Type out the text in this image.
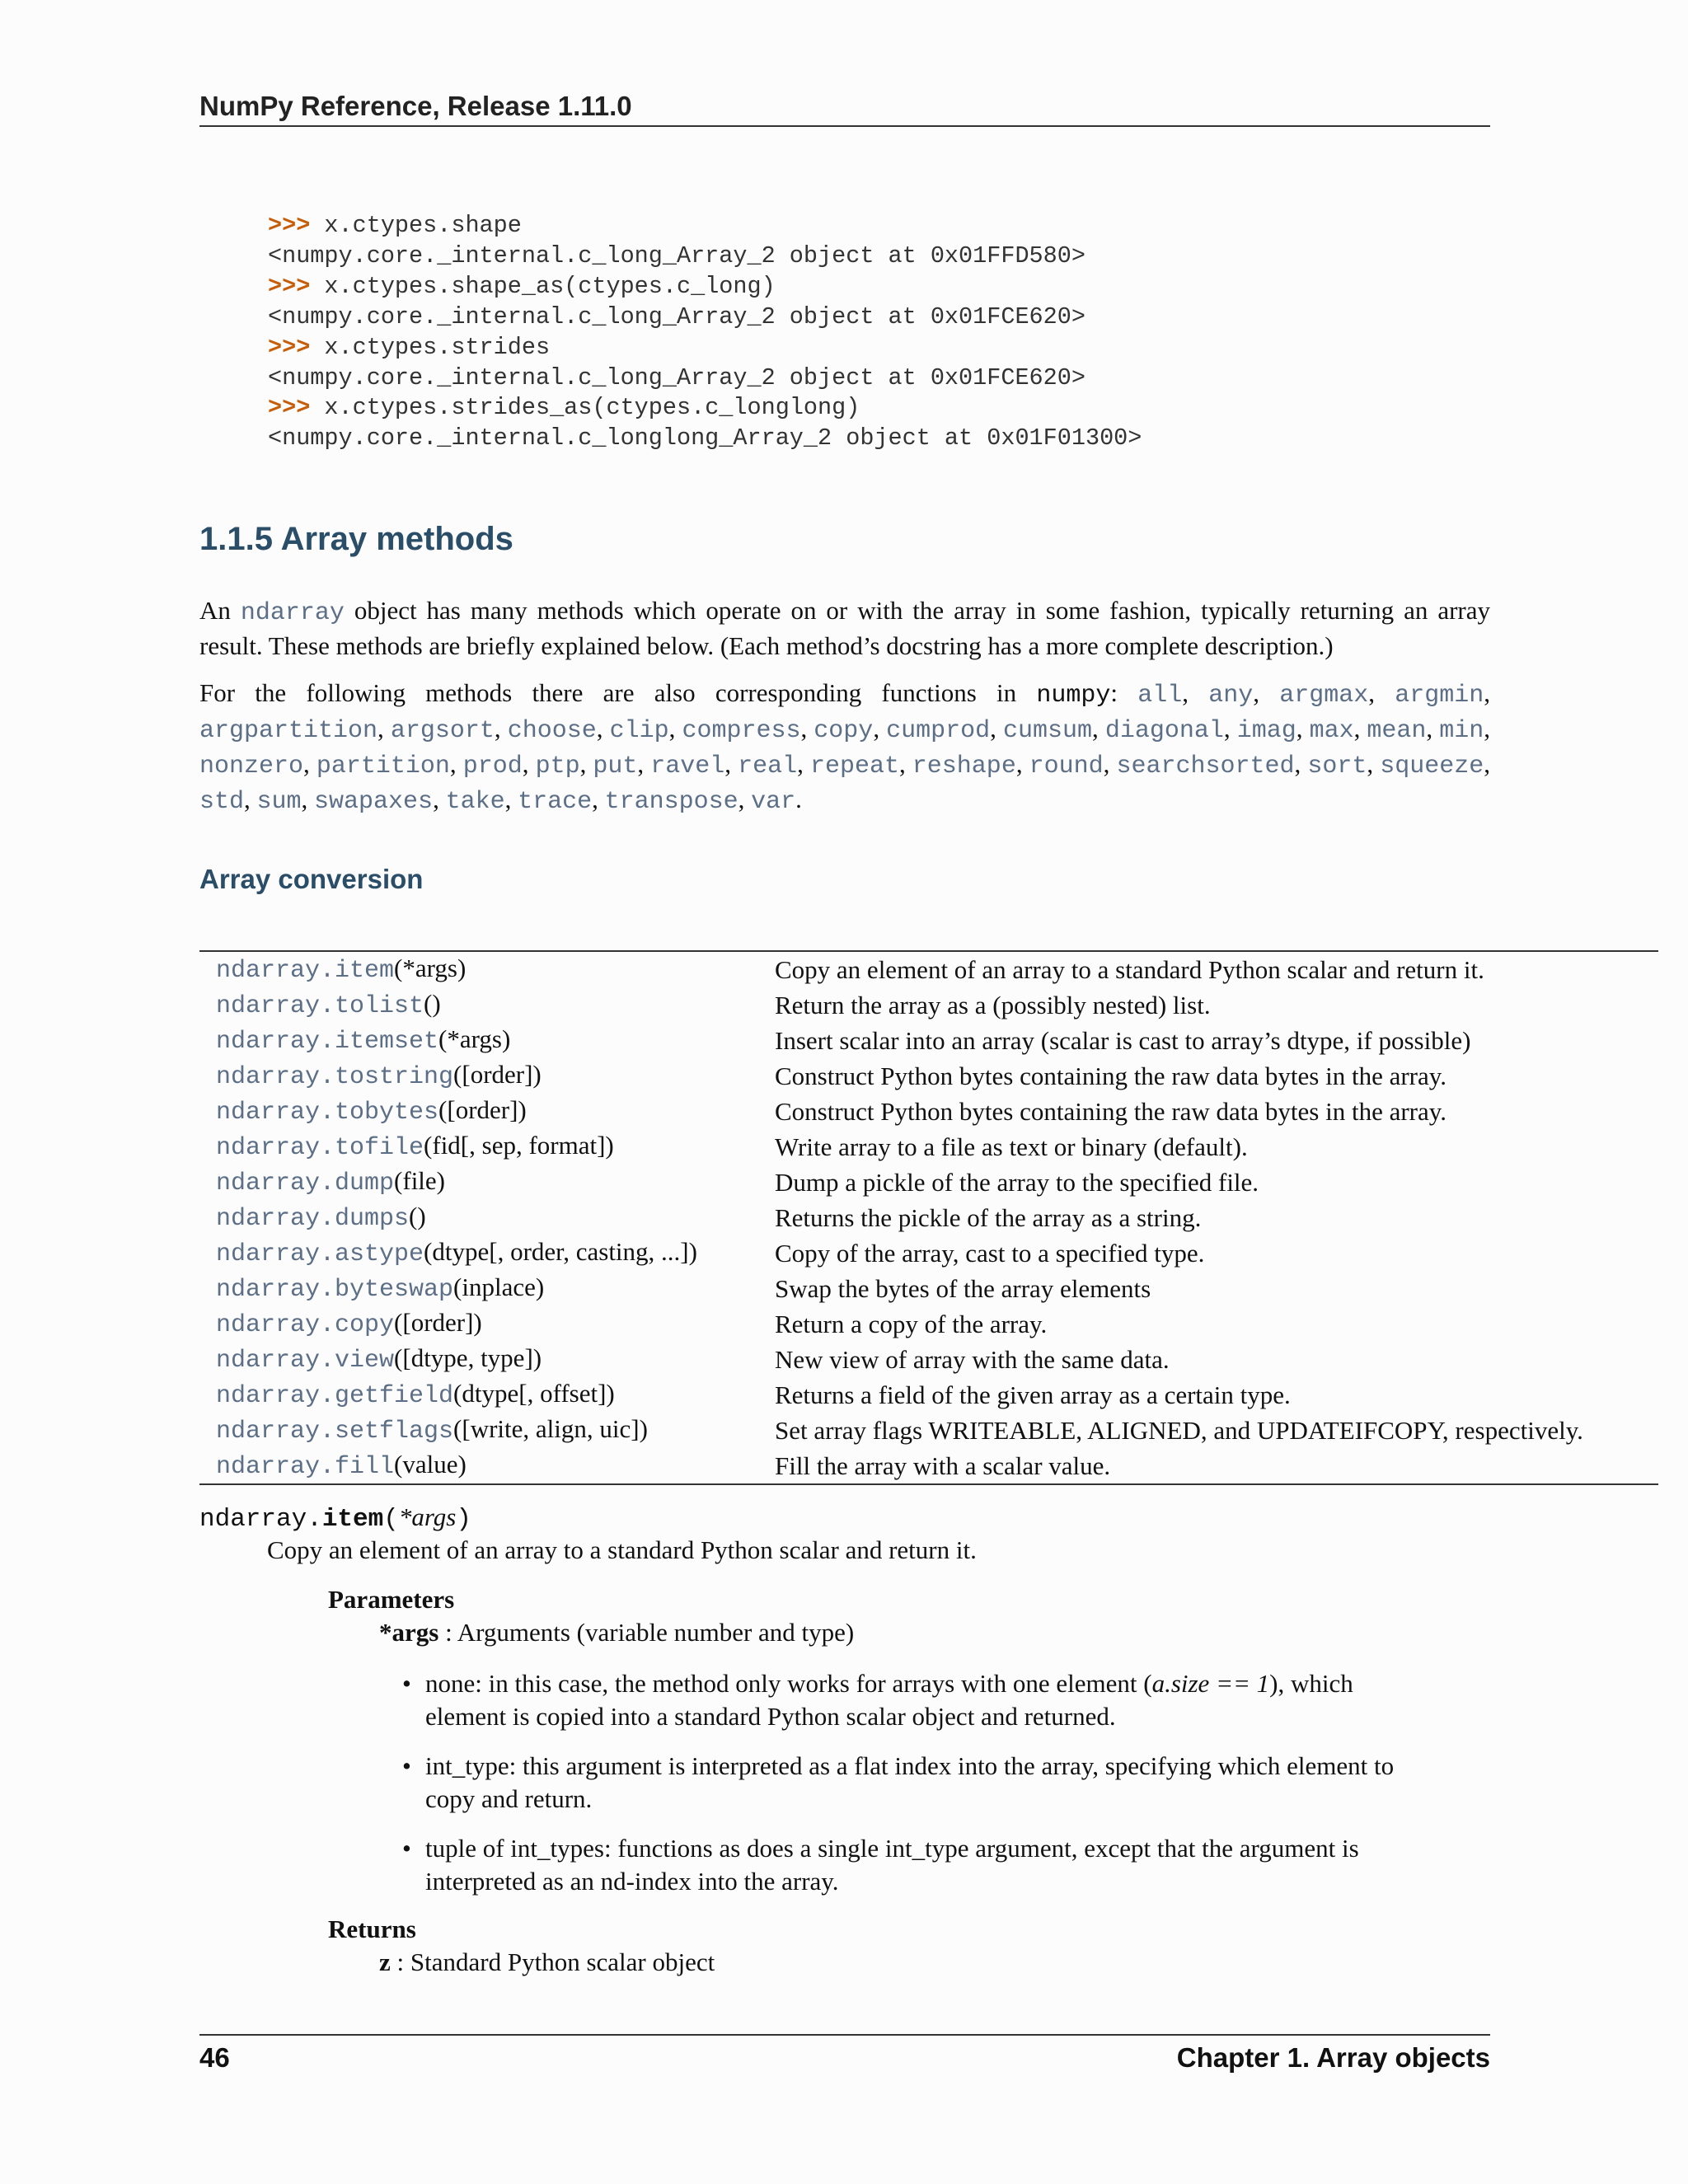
NumPy Reference, Release 1.11.0
>>> x.ctypes.shape
<numpy.core._internal.c_long_Array_2 object at 0x01FFD580>
>>> x.ctypes.shape_as(ctypes.c_long)
<numpy.core._internal.c_long_Array_2 object at 0x01FCE620>
>>> x.ctypes.strides
<numpy.core._internal.c_long_Array_2 object at 0x01FCE620>
>>> x.ctypes.strides_as(ctypes.c_longlong)
<numpy.core._internal.c_longlong_Array_2 object at 0x01F01300>
1.1.5 Array methods
An ndarray object has many methods which operate on or with the array in some fashion, typically returning an array result. These methods are briefly explained below. (Each method’s docstring has a more complete description.)
For the following methods there are also corresponding functions in numpy: all, any, argmax, argmin, argpartition, argsort, choose, clip, compress, copy, cumprod, cumsum, diagonal, imag, max, mean, min, nonzero, partition, prod, ptp, put, ravel, real, repeat, reshape, round, searchsorted, sort, squeeze, std, sum, swapaxes, take, trace, transpose, var.
Array conversion
ndarray.item(*args)	Copy an element of an array to a standard Python scalar and return it.
ndarray.tolist()	Return the array as a (possibly nested) list.
ndarray.itemset(*args)	Insert scalar into an array (scalar is cast to array’s dtype, if possible)
ndarray.tostring([order])	Construct Python bytes containing the raw data bytes in the array.
ndarray.tobytes([order])	Construct Python bytes containing the raw data bytes in the array.
ndarray.tofile(fid[, sep, format])	Write array to a file as text or binary (default).
ndarray.dump(file)	Dump a pickle of the array to the specified file.
ndarray.dumps()	Returns the pickle of the array as a string.
ndarray.astype(dtype[, order, casting, ...])	Copy of the array, cast to a specified type.
ndarray.byteswap(inplace)	Swap the bytes of the array elements
ndarray.copy([order])	Return a copy of the array.
ndarray.view([dtype, type])	New view of array with the same data.
ndarray.getfield(dtype[, offset])	Returns a field of the given array as a certain type.
ndarray.setflags([write, align, uic])	Set array flags WRITEABLE, ALIGNED, and UPDATEIFCOPY, respectively.
ndarray.fill(value)	Fill the array with a scalar value.
ndarray.item(*args)
Copy an element of an array to a standard Python scalar and return it.
Parameters
*args : Arguments (variable number and type)
• none: in this case, the method only works for arrays with one element (a.size == 1), which element is copied into a standard Python scalar object and returned.
• int_type: this argument is interpreted as a flat index into the array, specifying which element to copy and return.
• tuple of int_types: functions as does a single int_type argument, except that the argument is interpreted as an nd-index into the array.
Returns
z : Standard Python scalar object
46	Chapter 1. Array objects
